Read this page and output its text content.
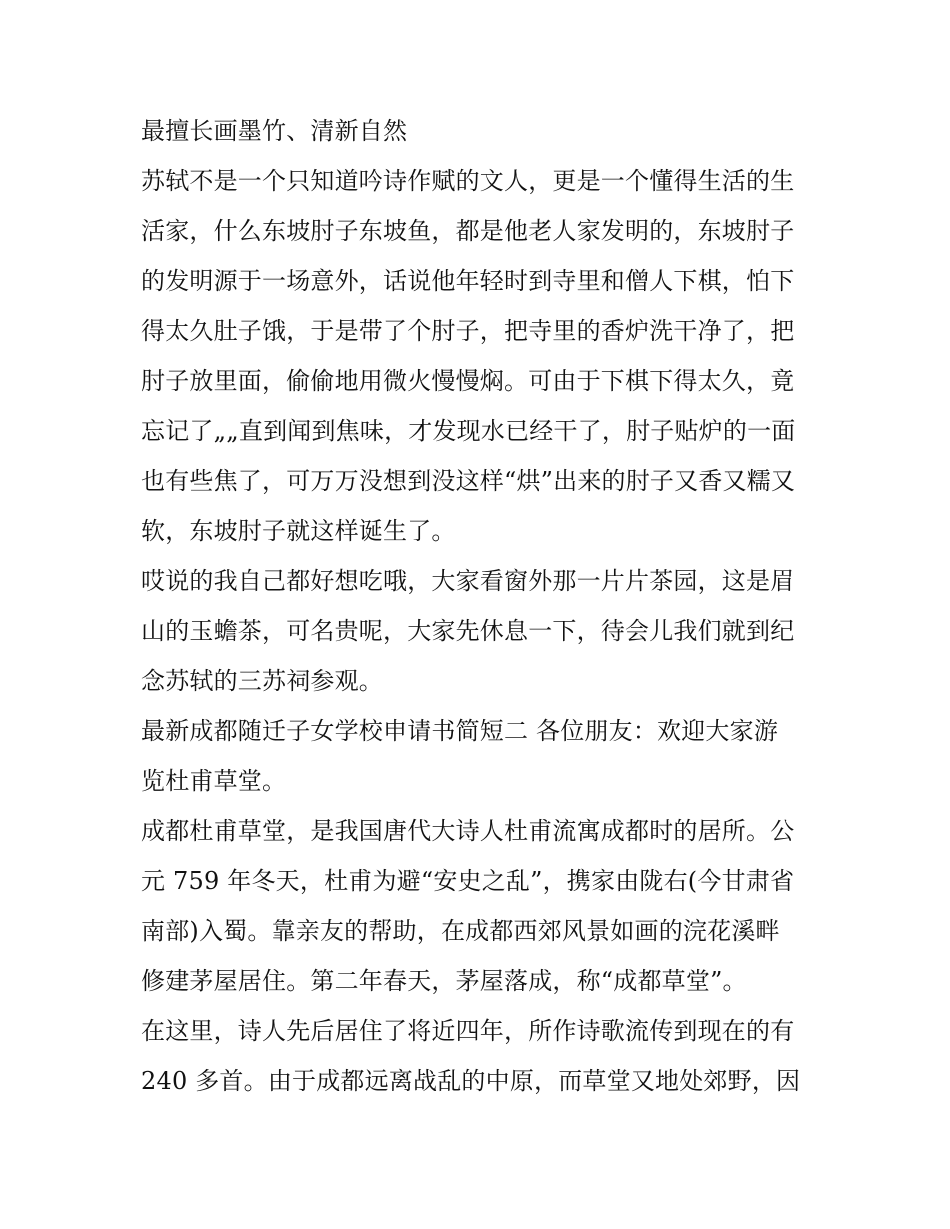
最擅长画墨竹、清新自然
苏轼不是一个只知道吟诗作赋的文人，更是一个懂得生活的生
活家，什么东坡肘子东坡鱼，都是他老人家发明的，东坡肘子
的发明源于一场意外，话说他年轻时到寺里和僧人下棋，怕下
得太久肚子饿，于是带了个肘子，把寺里的香炉洗干净了，把
肘子放里面，偷偷地用微火慢慢焖。可由于下棋下得太久，竟
忘记了„„直到闻到焦味，才发现水已经干了，肘子贴炉的一面
也有些焦了，可万万没想到没这样“烘”出来的肘子又香又糯又
软，东坡肘子就这样诞生了。
哎说的我自己都好想吃哦，大家看窗外那一片片茶园，这是眉
山的玉蟾茶，可名贵呢，大家先休息一下，待会儿我们就到纪
念苏轼的三苏祠参观。
最新成都随迁子女学校申请书简短二 各位朋友：欢迎大家游
览杜甫草堂。
成都杜甫草堂，是我国唐代大诗人杜甫流寓成都时的居所。公
元 759 年冬天，杜甫为避“安史之乱”，携家由陇右(今甘肃省
南部)入蜀。靠亲友的帮助，在成都西郊风景如画的浣花溪畔
修建茅屋居住。第二年春天，茅屋落成，称“成都草堂”。
在这里，诗人先后居住了将近四年，所作诗歌流传到现在的有
240 多首。由于成都远离战乱的中原，而草堂又地处郊野，因
